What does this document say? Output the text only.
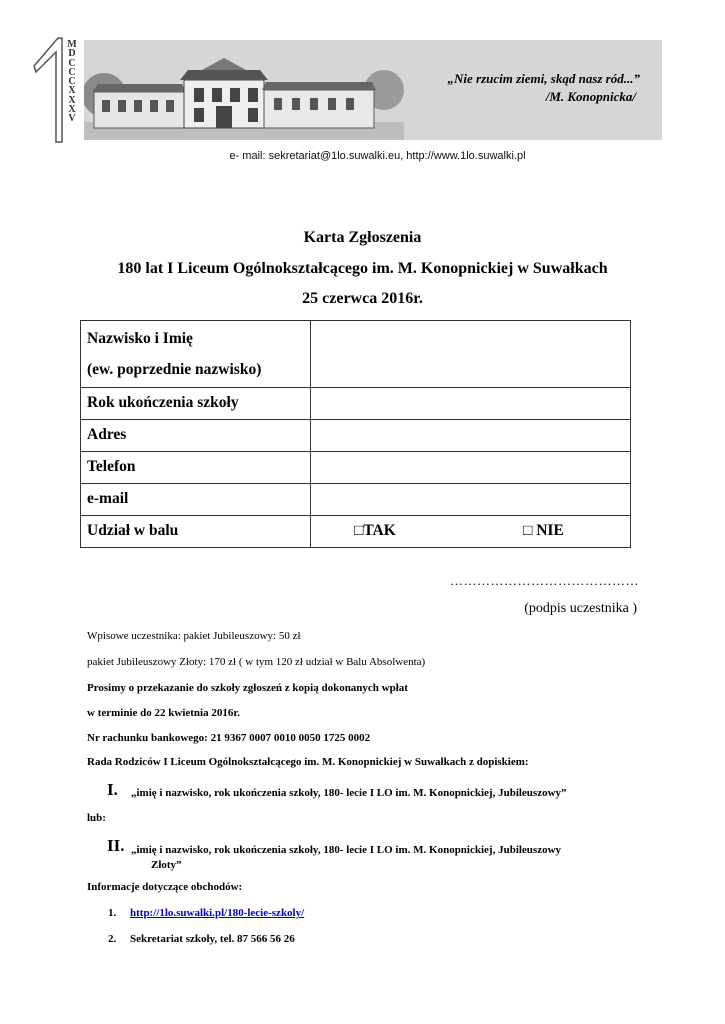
M
D
C
C
C
X
X
X
V
„Nie rzucim ziemi, skąd nasz ród...”
/M. Konopnicka/
e- mail: sekretariat@1lo.suwalki.eu, http://www.1lo.suwalki.pl
Karta Zgłoszenia
180 lat I Liceum Ogólnokształcącego im. M. Konopnickiej w Suwałkach
25 czerwca 2016r.
Nazwisko i Imię
(ew. poprzednie nazwisko)	

Rok ukończenia szkoły	
Adres	
Telefon	
e-mail	
Udział w balu	□TAK □ NIE
……………………………………
(podpis uczestnika )
Wpisowe uczestnika: pakiet Jubileuszowy: 50 zł
pakiet Jubileuszowy Złoty: 170 zł ( w tym 120 zł udział w Balu Absolwenta)
Prosimy o przekazanie do szkoły zgłoszeń z kopią dokonanych wpłat
w terminie do 22 kwietnia 2016r.
Nr rachunku bankowego: 21 9367 0007 0010 0050 1725 0002
Rada Rodziców I Liceum Ogólnokształcącego im. M. Konopnickiej w Suwałkach z dopiskiem:
I. „imię i nazwisko, rok ukończenia szkoły, 180- lecie I LO im. M. Konopnickiej, Jubileuszowy”
lub:
II. „imię i nazwisko, rok ukończenia szkoły, 180- lecie I LO im. M. Konopnickiej, Jubileuszowy
Złoty”
Informacje dotyczące obchodów:
1. http://1lo.suwalki.pl/180-lecie-szkoly/
2. Sekretariat szkoły, tel. 87 566 56 26
